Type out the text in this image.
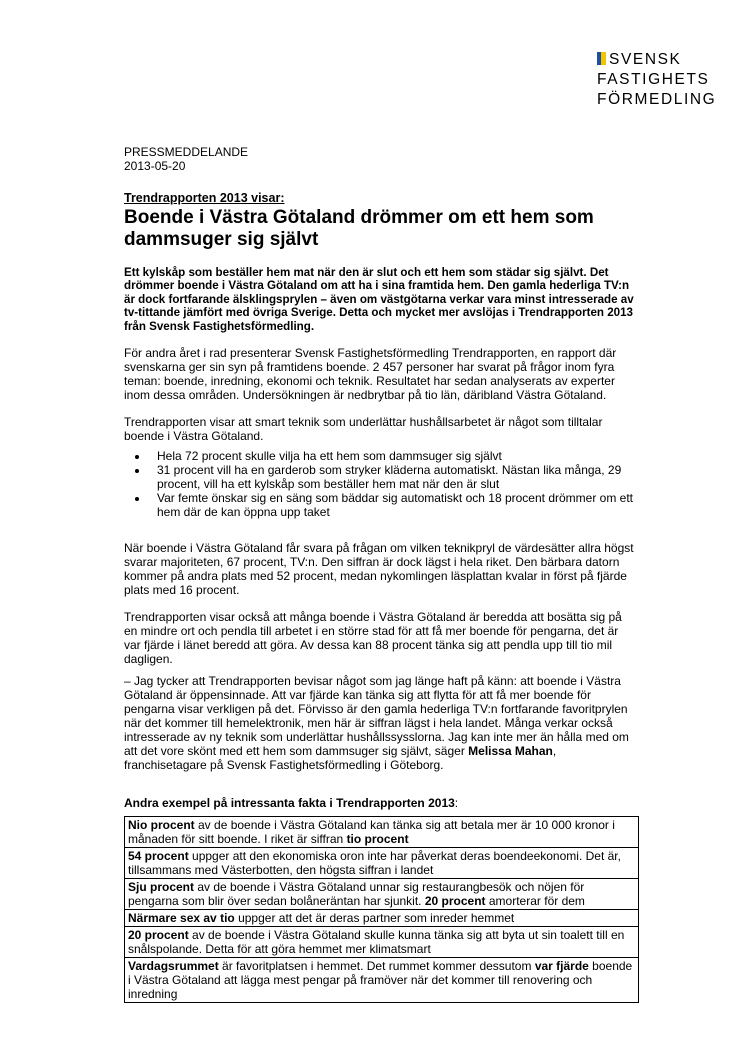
SVENSK
FASTIGHETS
FÖRMEDLING
PRESSMEDDELANDE
2013-05-20
Trendrapporten 2013 visar:
Boende i Västra Götaland drömmer om ett hem som dammsuger sig självt
Ett kylskåp som beställer hem mat när den är slut och ett hem som städar sig självt. Det drömmer boende i Västra Götaland om att ha i sina framtida hem. Den gamla hederliga TV:n är dock fortfarande älsklingsprylen – även om västgötarna verkar vara minst intresserade av tv-tittande jämfört med övriga Sverige. Detta och mycket mer avslöjas i Trendrapporten 2013 från Svensk Fastighetsförmedling.

För andra året i rad presenterar Svensk Fastighetsförmedling Trendrapporten, en rapport där svenskarna ger sin syn på framtidens boende. 2 457 personer har svarat på frågor inom fyra teman: boende, inredning, ekonomi och teknik. Resultatet har sedan analyserats av experter inom dessa områden. Undersökningen är nedbrytbar på tio län, däribland Västra Götaland.

Trendrapporten visar att smart teknik som underlättar hushållsarbetet är något som tilltalar boende i Västra Götaland.

• Hela 72 procent skulle vilja ha ett hem som dammsuger sig självt
• 31 procent vill ha en garderob som stryker kläderna automatiskt. Nästan lika många, 29 procent, vill ha ett kylskåp som beställer hem mat när den är slut
• Var femte önskar sig en säng som bäddar sig automatiskt och 18 procent drömmer om ett hem där de kan öppna upp taket

När boende i Västra Götaland får svara på frågan om vilken teknikpryl de värdesätter allra högst svarar majoriteten, 67 procent, TV:n. Den siffran är dock lägst i hela riket. Den bärbara datorn kommer på andra plats med 52 procent, medan nykomlingen läsplattan kvalar in först på fjärde plats med 16 procent.

Trendrapporten visar också att många boende i Västra Götaland är beredda att bosätta sig på en mindre ort och pendla till arbetet i en större stad för att få mer boende för pengarna, det är var fjärde i länet beredd att göra. Av dessa kan 88 procent tänka sig att pendla upp till tio mil dagligen.

– Jag tycker att Trendrapporten bevisar något som jag länge haft på känn: att boende i Västra Götaland är öppensinnade. Att var fjärde kan tänka sig att flytta för att få mer boende för pengarna visar verkligen på det. Förvisso är den gamla hederliga TV:n fortfarande favoritprylen när det kommer till hemelektronik, men här är siffran lägst i hela landet. Många verkar också intresserade av ny teknik som underlättar hushållssysslorna. Jag kan inte mer än hålla med om att det vore skönt med ett hem som dammsuger sig självt, säger Melissa Mahan, franchisetagare på Svensk Fastighetsförmedling i Göteborg.

Andra exempel på intressanta fakta i Trendrapporten 2013:
Nio procent av de boende i Västra Götaland kan tänka sig att betala mer är 10 000 kronor i månaden för sitt boende. I riket är siffran tio procent
54 procent uppger att den ekonomiska oron inte har påverkat deras boendeekonomi. Det är, tillsammans med Västerbotten, den högsta siffran i landet
Sju procent av de boende i Västra Götaland unnar sig restaurangbesök och nöjen för pengarna som blir över sedan bolåneräntan har sjunkit. 20 procent amorterar för dem
Närmare sex av tio uppger att det är deras partner som inreder hemmet
20 procent av de boende i Västra Götaland skulle kunna tänka sig att byta ut sin toalett till en snålspolande. Detta för att göra hemmet mer klimatsmart
Vardagsrummet är favoritplatsen i hemmet. Det rummet kommer dessutom var fjärde boende i Västra Götaland att lägga mest pengar på framöver när det kommer till renovering och inredning
